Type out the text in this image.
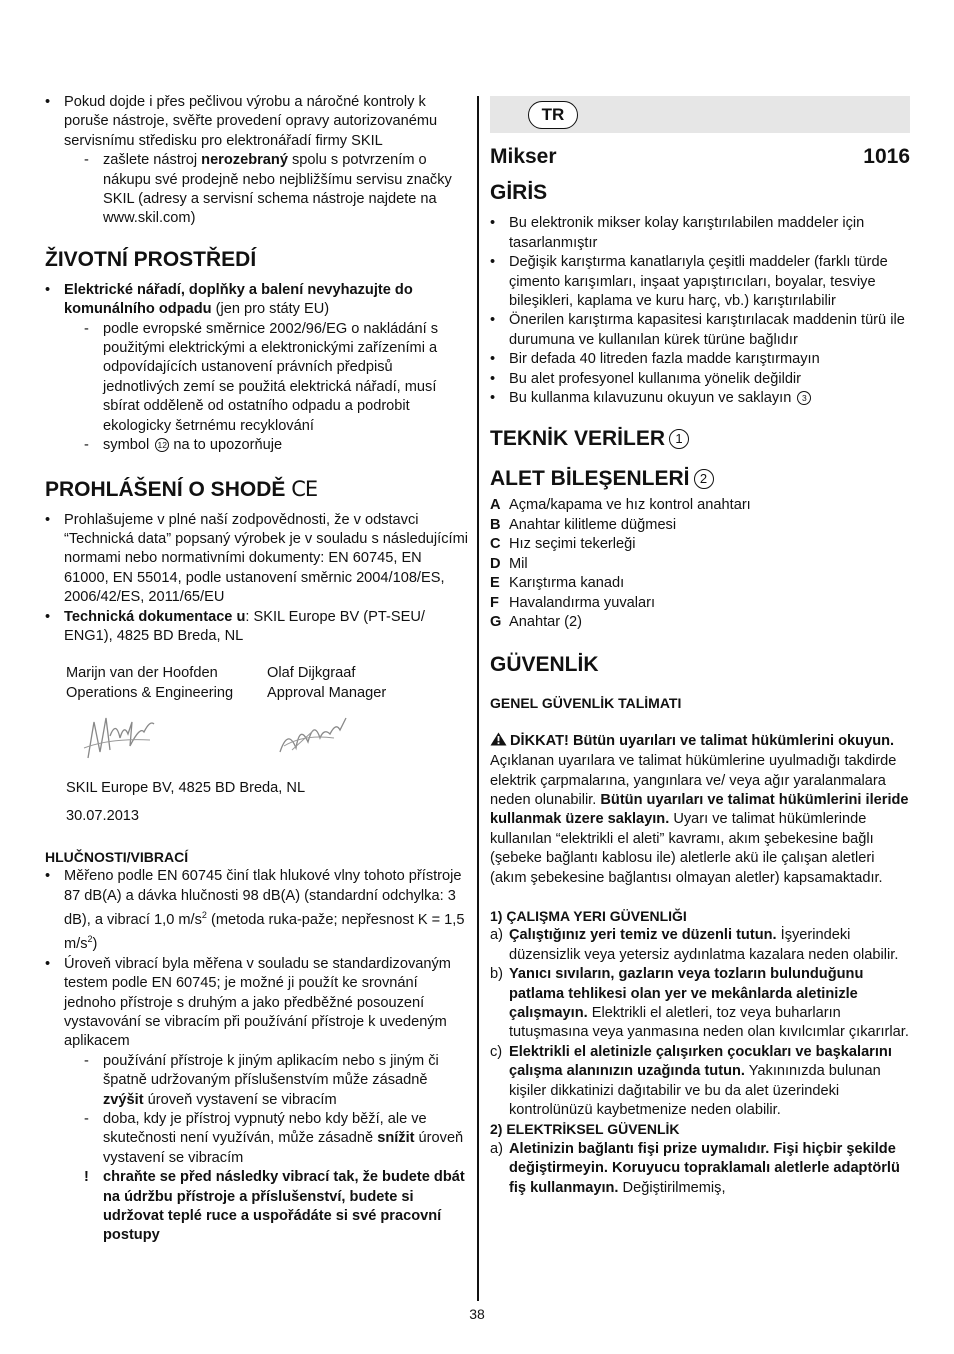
• Pokud dojde i přes pečlivou výrobu a náročné kontroly k poruše nástroje, svěřte provedení opravy autorizovanému servisnímu středisku pro elektronářadí firmy SKIL
- zašlete nástroj nerozebraný spolu s potvrzením o nákupu své prodejně nebo nejbližšímu servisu značky SKIL (adresy a servisní schema nástroje najdete na www.skil.com)
ŽIVOTNÍ PROSTŘEDÍ
• Elektrické nářadí, doplňky a balení nevyhazujte do komunálního odpadu (jen pro státy EU)
- podle evropské směrnice 2002/96/EG o nakládání s použitými elektrickými a elektronickými zařízeními a odpovídajících ustanovení právních předpisů jednotlivých zemí se použitá elektrická nářadí, musí sbírat odděleně od ostatního odpadu a podrobit ekologicky šetrnému recyklování
- symbol 12 na to upozorňuje
PROHLÁŠENÍ O SHODĚ CE
• Prohlašujeme v plné naší zodpovědnosti, že v odstavci “Technická data” popsaný výrobek je v souladu s následujícími normami nebo normativními dokumenty: EN 60745, EN 61000, EN 55014, podle ustanovení směrnic 2004/108/ES, 2006/42/ES, 2011/65/EU
• Technická dokumentace u: SKIL Europe BV (PT-SEU/ ENG1), 4825 BD Breda, NL
Marijn van der Hoofden
Operations & Engineering
Olaf Dijkgraaf
Approval Manager

SKIL Europe BV, 4825 BD Breda, NL

30.07.2013

HLUČNOSTI/VIBRACÍ
• Měřeno podle EN 60745 činí tlak hlukové vlny tohoto přístroje 87 dB(A) a dávka hlučnosti 98 dB(A) (standardní odchylka: 3 dB), a vibrací 1,0 $m/s^2$ (metoda ruka-paže; nepřesnost K = 1,5 $m/s^2$)
• Úroveň vibrací byla měřena v souladu se standardizovaným testem podle EN 60745; je možné ji použít ke srovnání jednoho přístroje s druhým a jako předběžné posouzení vystavování se vibracím při používání přístroje k uvedeným aplikacem
- používání přístroje k jiným aplikacím nebo s jiným či špatně udržovaným příslušenstvím může zásadně zvýšit úroveň vystavení se vibracím
- doba, kdy je přístroj vypnutý nebo kdy běží, ale ve skutečnosti není využíván, může zásadně snížit úroveň vystavení se vibracím
! chraňte se před následky vibrací tak, že budete dbát na údržbu přístroje a příslušenství, budete si udržovat teplé ruce a uspořádáte si své pracovní postupy
TR
Mikser	1016
GİRİS
• Bu elektronik mikser kolay karıştırılabilen maddeler için tasarlanmıştır
• Değişik karıştırma kanatlarıyla çeşitli maddeler (farklı türde çimento karışımları, inşaat yapıştırıcıları, boyalar, tesviye bileşikleri, kaplama ve kuru harç, vb.) karıştırılabilir
• Önerilen karıştırma kapasitesi karıştırılacak maddenin türü ile durumuna ve kullanılan kürek türüne bağlıdır
• Bir defada 40 litreden fazla madde karıştırmayın
• Bu alet profesyonel kullanıma yönelik değildir
• Bu kullanma kılavuzunu okuyun ve saklayın 3
TEKNİK VERİLER 1
ALET BİLEŞENLERİ 2
A Açma/kapama ve hız kontrol anahtarı
B Anahtar kilitleme düğmesi
C Hız seçimi tekerleği
D Mil
E Karıştırma kanadı
F Havalandırma yuvaları
G Anahtar (2)
GÜVENLİK
GENEL GÜVENLİK TALİMATI

DİKKAT! Bütün uyarıları ve talimat hükümlerini okuyun. Açıklanan uyarılara ve talimat hükümlerine uyulmadığı takdirde elektrik çarpmalarına, yangınlara ve/ veya ağır yaralanmalara neden olunabilir. Bütün uyarıları ve talimat hükümlerini ileride kullanmak üzere saklayın. Uyarı ve talimat hükümlerinde kullanılan “elektrikli el aleti” kavramı, akım şebekesine bağlı (şebeke bağlantı kablosu ile) aletlerle akü ile çalışan aletleri (akım şebekesine bağlantısı olmayan aletler) kapsamaktadır.

1) ÇALIŞMA YERI GÜVENLIĞI
a) Çalıştığınız yeri temiz ve düzenli tutun. İşyerindeki düzensizlik veya yetersiz aydınlatma kazalara neden olabilir.
b) Yanıcı sıvıların, gazların veya tozların bulunduğunu patlama tehlikesi olan yer ve mekânlarda aletinizle çalışmayın. Elektrikli el aletleri, toz veya buharların tutuşmasına veya yanmasına neden olan kıvılcımlar çıkarırlar.
c) Elektrikli el aletinizle çalışırken çocukları ve başkalarını çalışma alanınızın uzağında tutun. Yakınınızda bulunan kişiler dikkatinizi dağıtabilir ve bu da alet üzerindeki kontrolünüzü kaybetmenize neden olabilir.
2) ELEKTRİKSEL GÜVENLİK
a) Aletinizin bağlantı fişi prize uymalıdır. Fişi hiçbir şekilde değiştirmeyin. Koruyucu topraklamalı aletlerle adaptörlü fiş kullanmayın. Değiştirilmemiş,
38
